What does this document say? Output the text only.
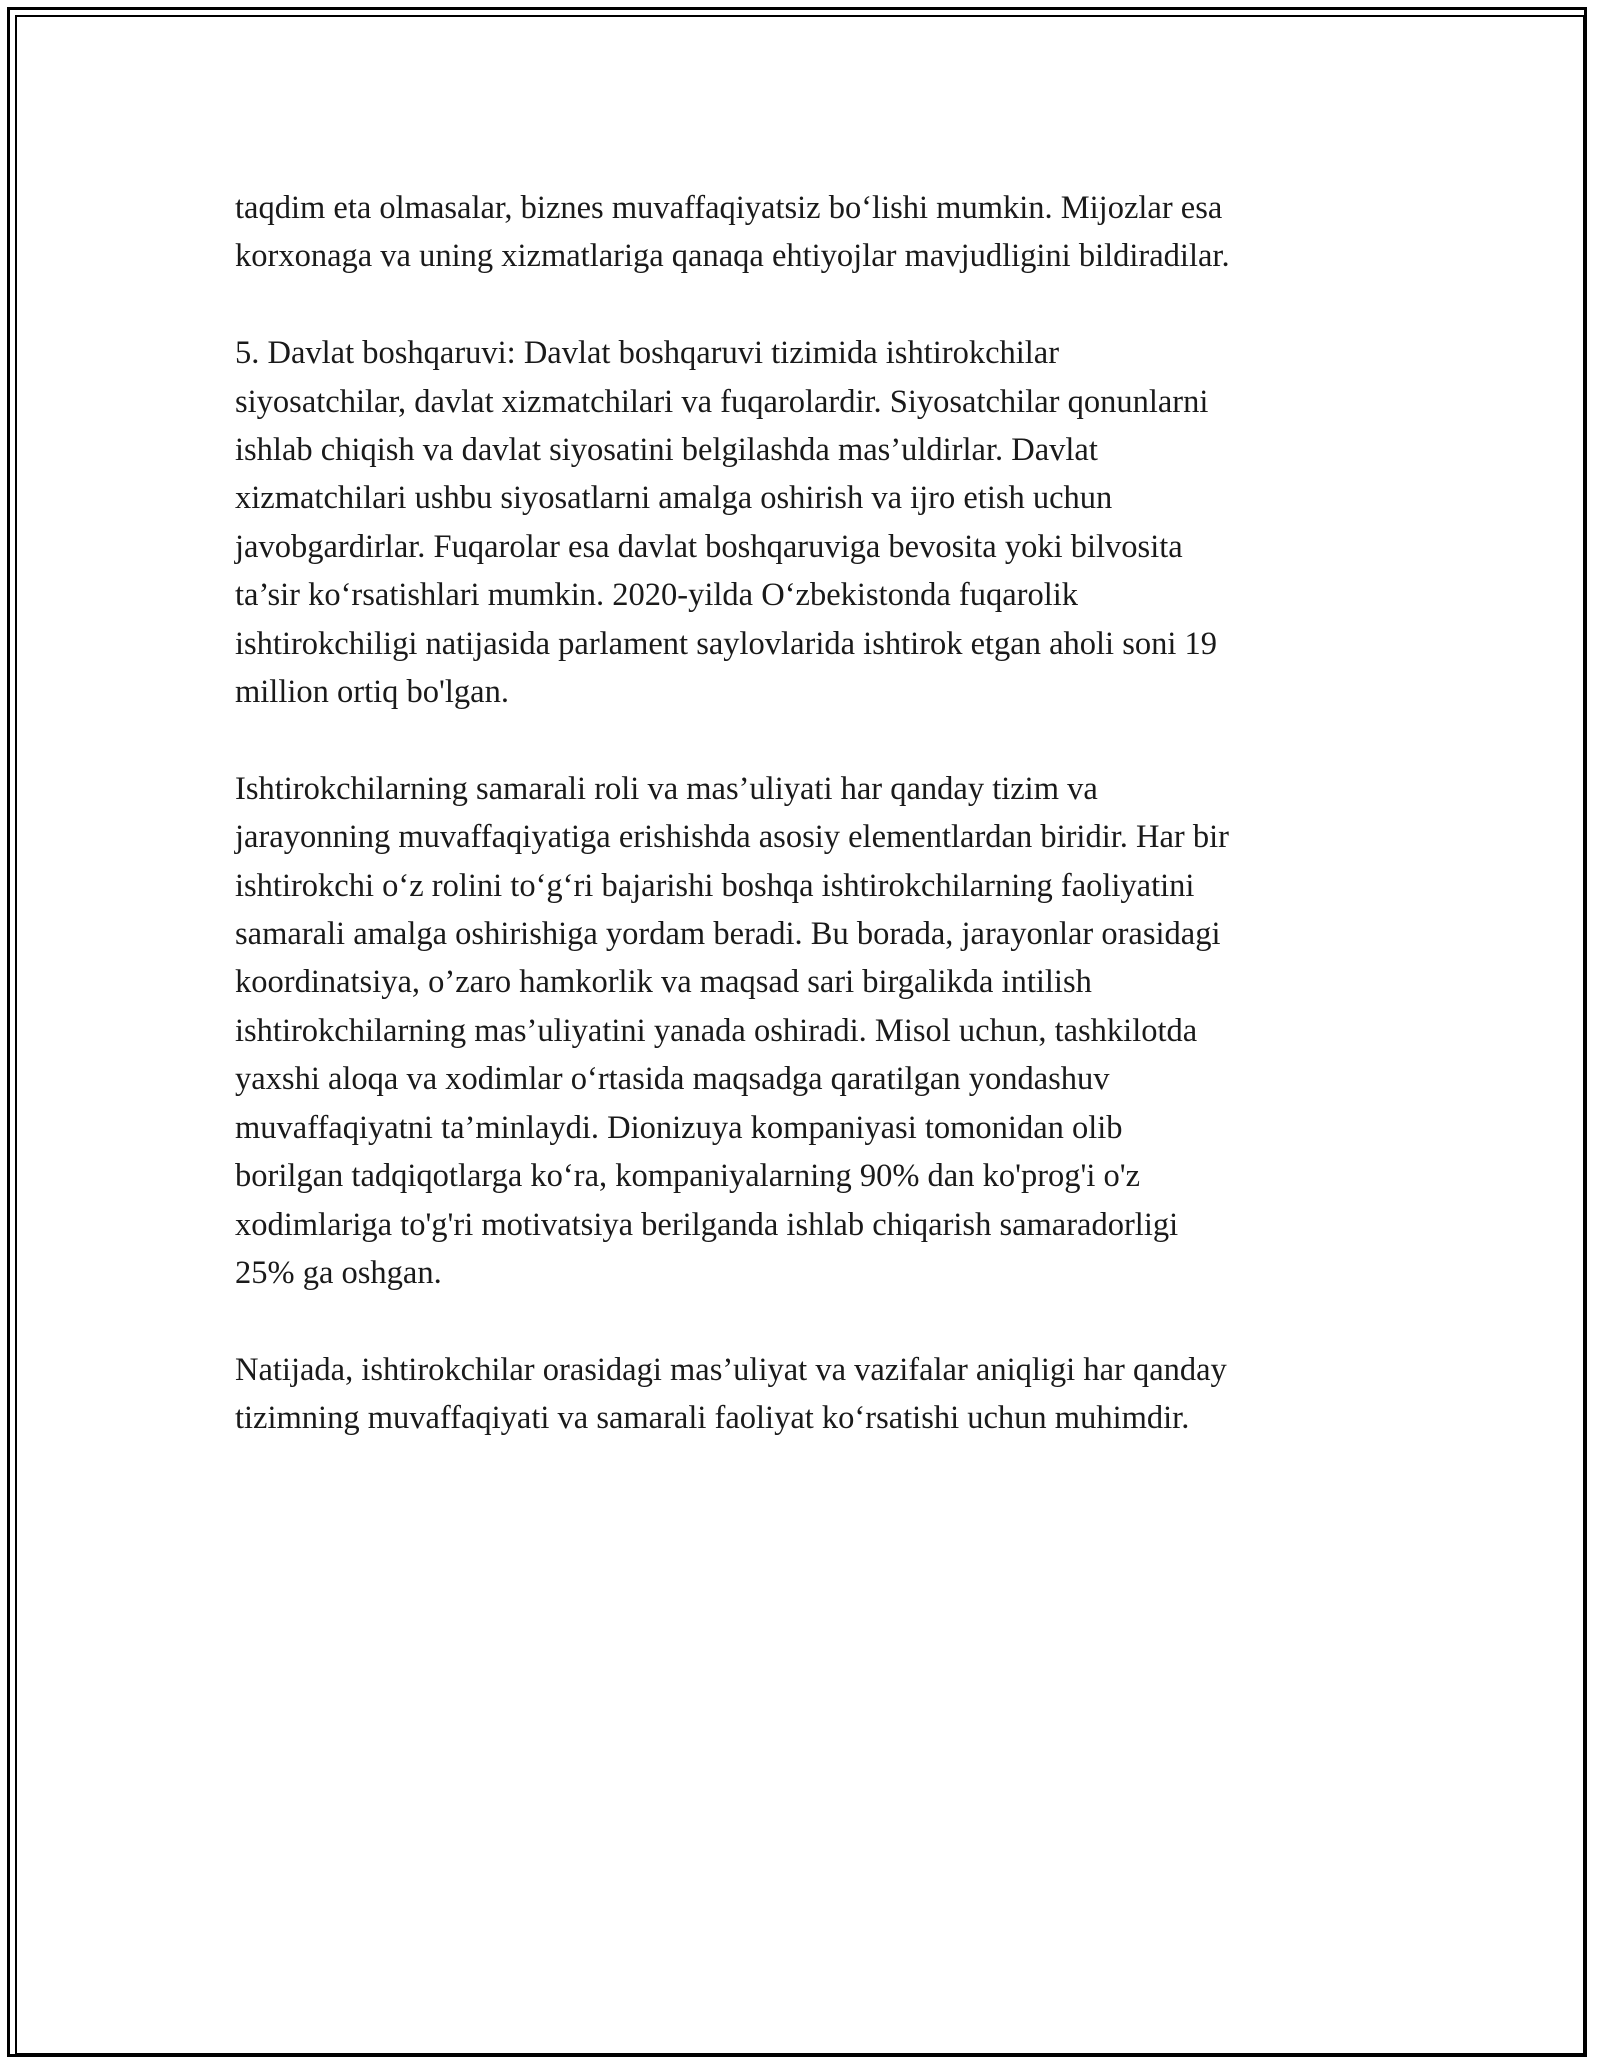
taqdim eta olmasalar, biznes muvaffaqiyatsiz boʻlishi mumkin. Mijozlar esa
korxonaga va uning xizmatlariga qanaqa ehtiyojlar mavjudligini bildiradilar.

5. Davlat boshqaruvi: Davlat boshqaruvi tizimida ishtirokchilar
siyosatchilar, davlat xizmatchilari va fuqarolardir. Siyosatchilar qonunlarni
ishlab chiqish va davlat siyosatini belgilashda mas’uldirlar. Davlat
xizmatchilari ushbu siyosatlarni amalga oshirish va ijro etish uchun
javobgardirlar. Fuqarolar esa davlat boshqaruviga bevosita yoki bilvosita
ta’sir koʻrsatishlari mumkin. 2020-yilda Oʻzbekistonda fuqarolik
ishtirokchiligi natijasida parlament saylovlarida ishtirok etgan aholi soni 19
million ortiq bo'lgan.

Ishtirokchilarning samarali roli va mas’uliyati har qanday tizim va
jarayonning muvaffaqiyatiga erishishda asosiy elementlardan biridir. Har bir
ishtirokchi oʻz rolini toʻgʻri bajarishi boshqa ishtirokchilarning faoliyatini
samarali amalga oshirishiga yordam beradi. Bu borada, jarayonlar orasidagi
koordinatsiya, o’zaro hamkorlik va maqsad sari birgalikda intilish
ishtirokchilarning mas’uliyatini yanada oshiradi. Misol uchun, tashkilotda
yaxshi aloqa va xodimlar oʻrtasida maqsadga qaratilgan yondashuv
muvaffaqiyatni ta’minlaydi. Dionizuya kompaniyasi tomonidan olib
borilgan tadqiqotlarga koʻra, kompaniyalarning 90% dan ko'prog'i o'z
xodimlariga to'g'ri motivatsiya berilganda ishlab chiqarish samaradorligi
25% ga oshgan.

Natijada, ishtirokchilar orasidagi mas’uliyat va vazifalar aniqligi har qanday
tizimning muvaffaqiyati va samarali faoliyat koʻrsatishi uchun muhimdir.
